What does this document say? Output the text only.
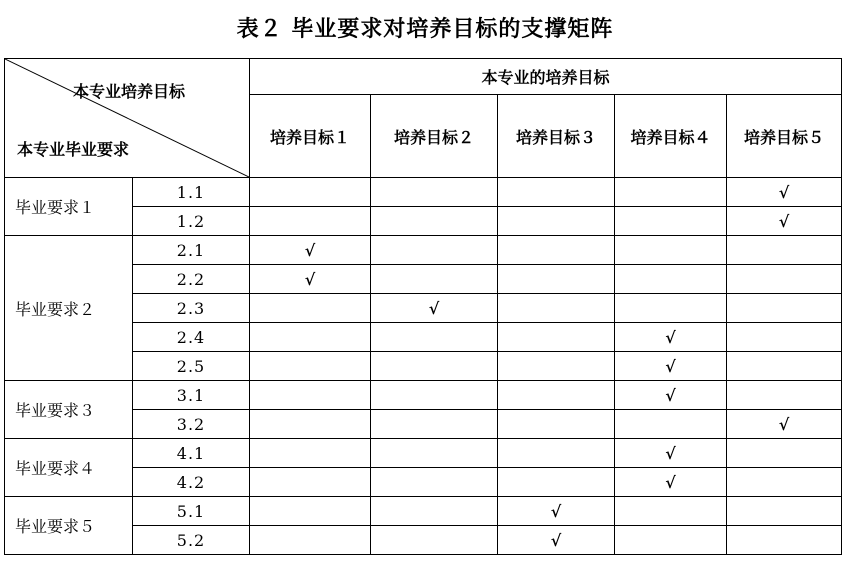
表２ 毕业要求对培养目标的支撑矩阵
本专业培养目标
本专业毕业要求		本专业的培养目标				
		培养目标１	培养目标２	培养目标３	培养目标４	培养目标５
毕业要求１	1.1					√
	1.2					√
毕业要求２	2.1	√				
	2.2	√				
	2.3		√			
	2.4				√	
	2.5				√	
毕业要求３	3.1				√	
	3.2					√
毕业要求４	4.1				√	
	4.2				√	
毕业要求５	5.1			√		
	5.2			√		
